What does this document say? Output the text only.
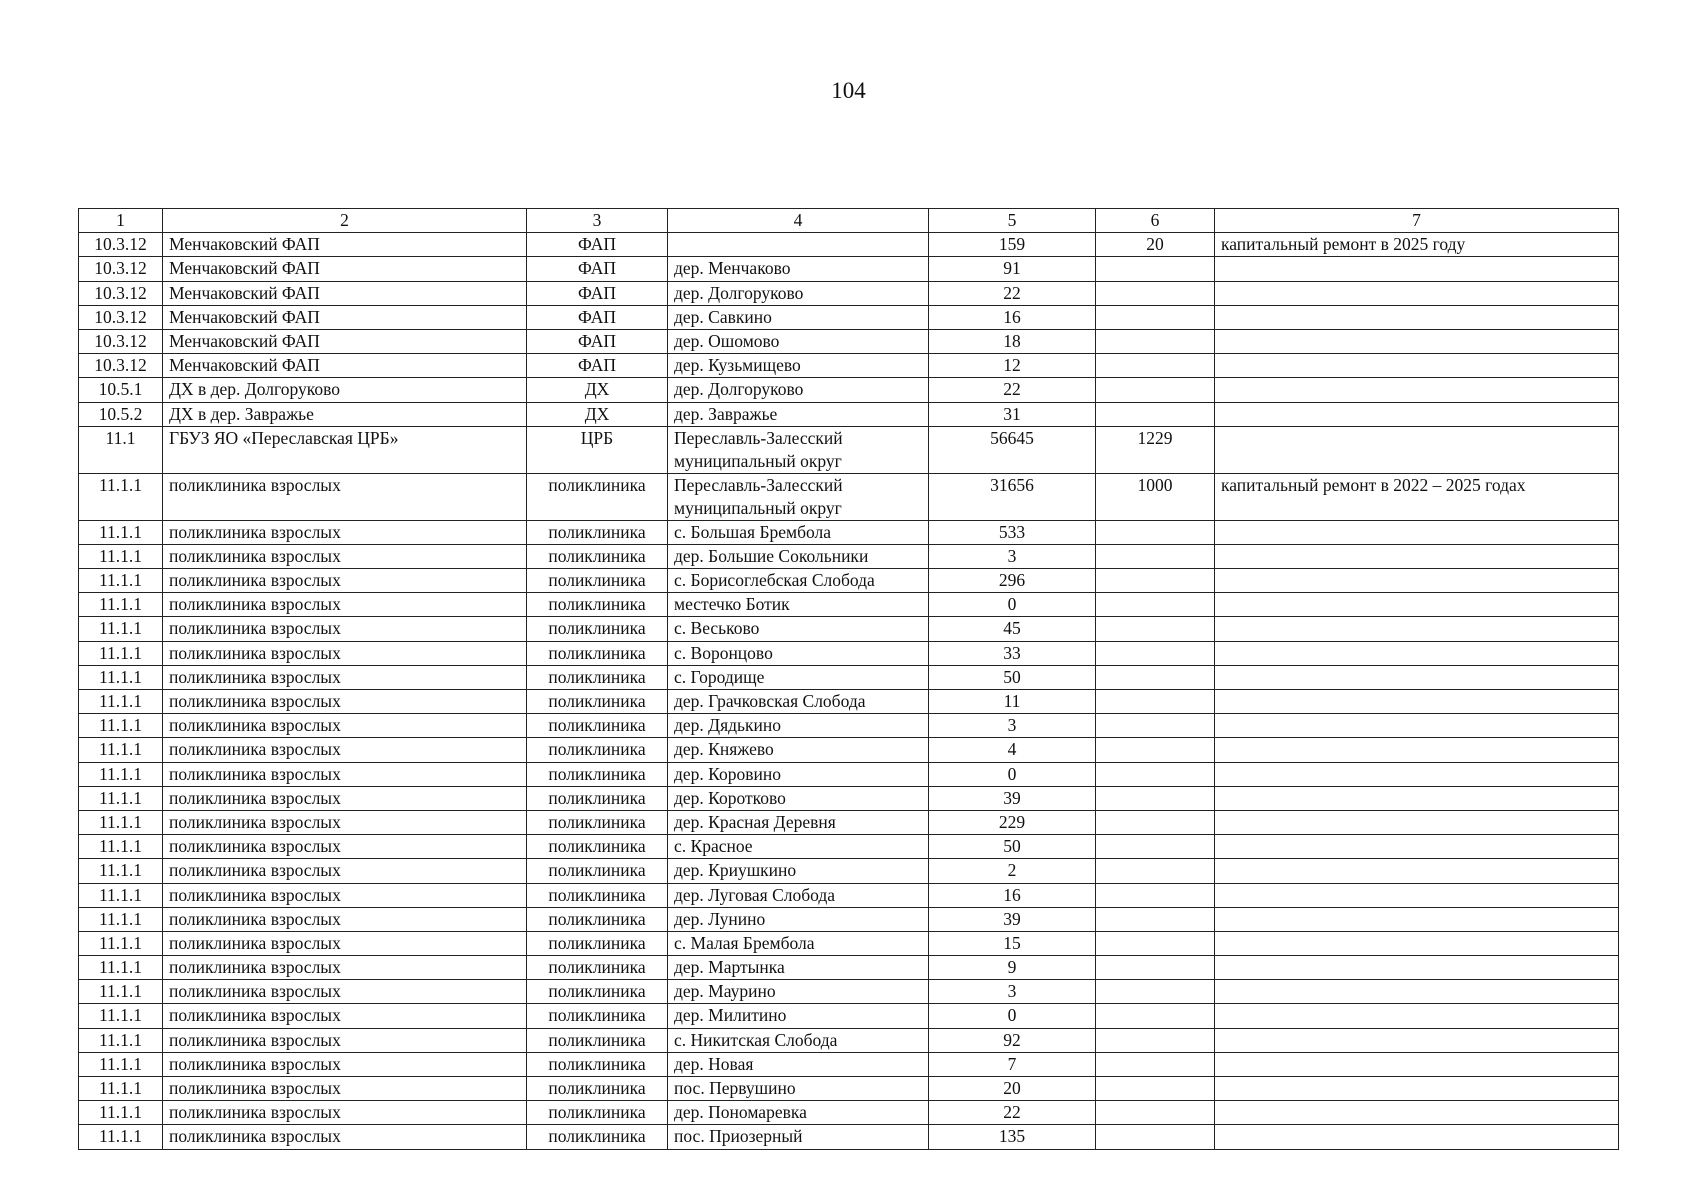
104
1	2	3	4	5	6	7
10.3.12	Менчаковский ФАП	ФАП		159	20	капитальный ремонт в 2025 году
10.3.12	Менчаковский ФАП	ФАП	дер. Менчаково	91		
10.3.12	Менчаковский ФАП	ФАП	дер. Долгоруково	22		
10.3.12	Менчаковский ФАП	ФАП	дер. Савкино	16		
10.3.12	Менчаковский ФАП	ФАП	дер. Ошомово	18		
10.3.12	Менчаковский ФАП	ФАП	дер. Кузьмищево	12		
10.5.1	ДХ в дер. Долгоруково	ДХ	дер. Долгоруково	22		
10.5.2	ДХ в дер. Завражье	ДХ	дер. Завражье	31		
11.1	ГБУЗ ЯО «Переславская ЦРБ»	ЦРБ	Переславль-Залесский муниципальный округ	56645	1229	
11.1.1	поликлиника взрослых	поликлиника	Переславль-Залесский муниципальный округ	31656	1000	капитальный ремонт в 2022 – 2025 годах
11.1.1	поликлиника взрослых	поликлиника	с. Большая Брембола	533		
11.1.1	поликлиника взрослых	поликлиника	дер. Большие Сокольники	3		
11.1.1	поликлиника взрослых	поликлиника	с. Борисоглебская Слобода	296		
11.1.1	поликлиника взрослых	поликлиника	местечко Ботик	0		
11.1.1	поликлиника взрослых	поликлиника	с. Веськово	45		
11.1.1	поликлиника взрослых	поликлиника	с. Воронцово	33		
11.1.1	поликлиника взрослых	поликлиника	с. Городище	50		
11.1.1	поликлиника взрослых	поликлиника	дер. Грачковская Слобода	11		
11.1.1	поликлиника взрослых	поликлиника	дер. Дядькино	3		
11.1.1	поликлиника взрослых	поликлиника	дер. Княжево	4		
11.1.1	поликлиника взрослых	поликлиника	дер. Коровино	0		
11.1.1	поликлиника взрослых	поликлиника	дер. Коротково	39		
11.1.1	поликлиника взрослых	поликлиника	дер. Красная Деревня	229		
11.1.1	поликлиника взрослых	поликлиника	с. Красное	50		
11.1.1	поликлиника взрослых	поликлиника	дер. Криушкино	2		
11.1.1	поликлиника взрослых	поликлиника	дер. Луговая Слобода	16		
11.1.1	поликлиника взрослых	поликлиника	дер. Лунино	39		
11.1.1	поликлиника взрослых	поликлиника	с. Малая Брембола	15		
11.1.1	поликлиника взрослых	поликлиника	дер. Мартынка	9		
11.1.1	поликлиника взрослых	поликлиника	дер. Маурино	3		
11.1.1	поликлиника взрослых	поликлиника	дер. Милитино	0		
11.1.1	поликлиника взрослых	поликлиника	с. Никитская Слобода	92		
11.1.1	поликлиника взрослых	поликлиника	дер. Новая	7		
11.1.1	поликлиника взрослых	поликлиника	пос. Первушино	20		
11.1.1	поликлиника взрослых	поликлиника	дер. Пономаревка	22		
11.1.1	поликлиника взрослых	поликлиника	пос. Приозерный	135		
